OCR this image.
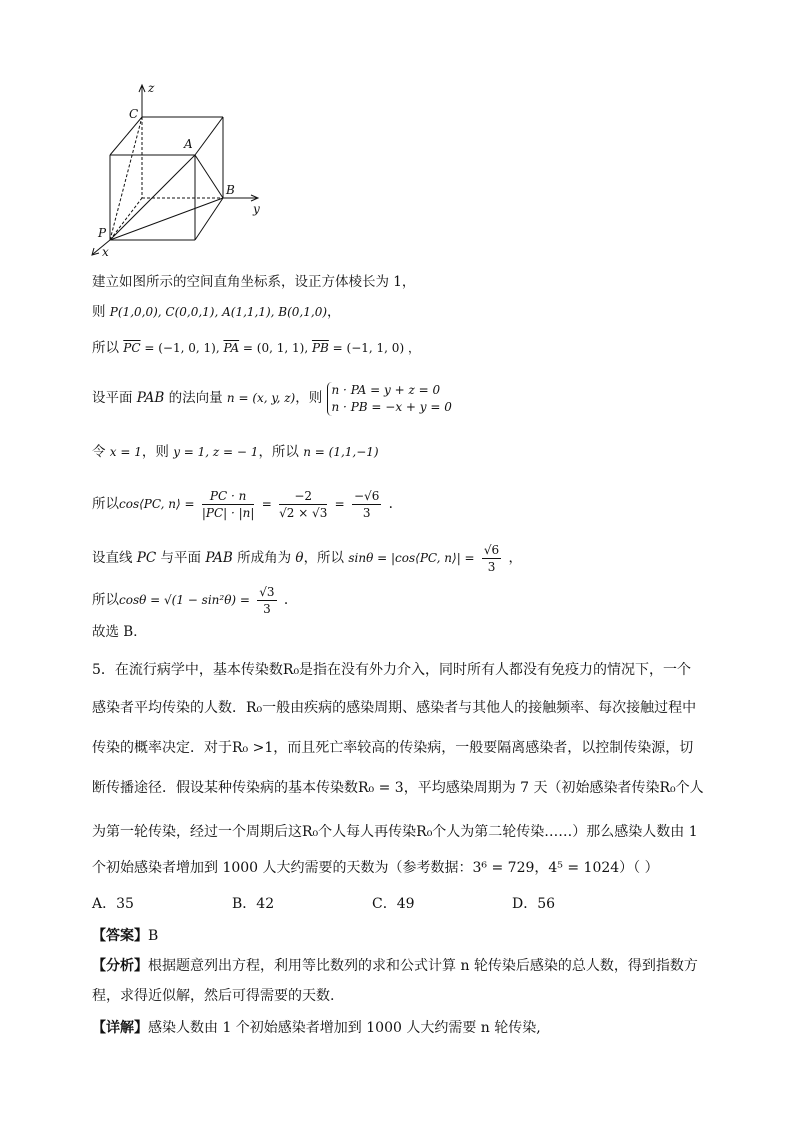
z
C
A
B
y
P
x
建立如图所示的空间直角坐标系，设正方体棱长为 1，
则 P(1,0,0), C(0,0,1), A(1,1,1), B(0,1,0)，
所以 $\overline{PC} = (-1$, 0, 1), $\overline{PA} = (0$, 1, 1), $\overline{PB} = (-1$, 1, 0) ，
设平面 PAB 的法向量 n = (x, y, z)，则
n · PA = y + z = 0
n · PB = −x + y = 0
令 x = 1，则 y = 1, z = − 1，所以 n = (1,1,−1)
所以cos⟨PC, n⟩ = $\frac{PC \cdot n}{|PC| \cdot |n|} = \frac{-2}{√2 \times √3} = \frac{-√6}{3}$ .
设直线 PC 与平面 PAB 所成角为 θ，所以 sinθ = |cos⟨PC, n⟩| = $\frac{√6}{3}$ ，
所以$\cos\theta = √(1 - \sin^2\theta) = \frac{√3}{3}$ .
故选 B．
5．在流行病学中，基本传染数R₀是指在没有外力介入，同时所有人都没有免疫力的情况下，一个
感染者平均传染的人数．R₀一般由疾病的感染周期、感染者与其他人的接触频率、每次接触过程中
传染的概率决定．对于R₀ >1，而且死亡率较高的传染病，一般要隔离感染者，以控制传染源，切
断传播途径．假设某种传染病的基本传染数R₀ = 3，平均感染周期为 7 天（初始感染者传染R₀个人
为第一轮传染，经过一个周期后这R₀个人每人再传染R₀个人为第二轮传染……）那么感染人数由 1
个初始感染者增加到 1000 人大约需要的天数为（参考数据：3⁶ = 729，4⁵ = 1024）（ ）
A．35	B．42	C．49	D．56
【答案】B
【分析】根据题意列出方程，利用等比数列的求和公式计算 n 轮传染后感染的总人数，得到指数方
程，求得近似解，然后可得需要的天数.
【详解】感染人数由 1 个初始感染者增加到 1000 人大约需要 n 轮传染,
